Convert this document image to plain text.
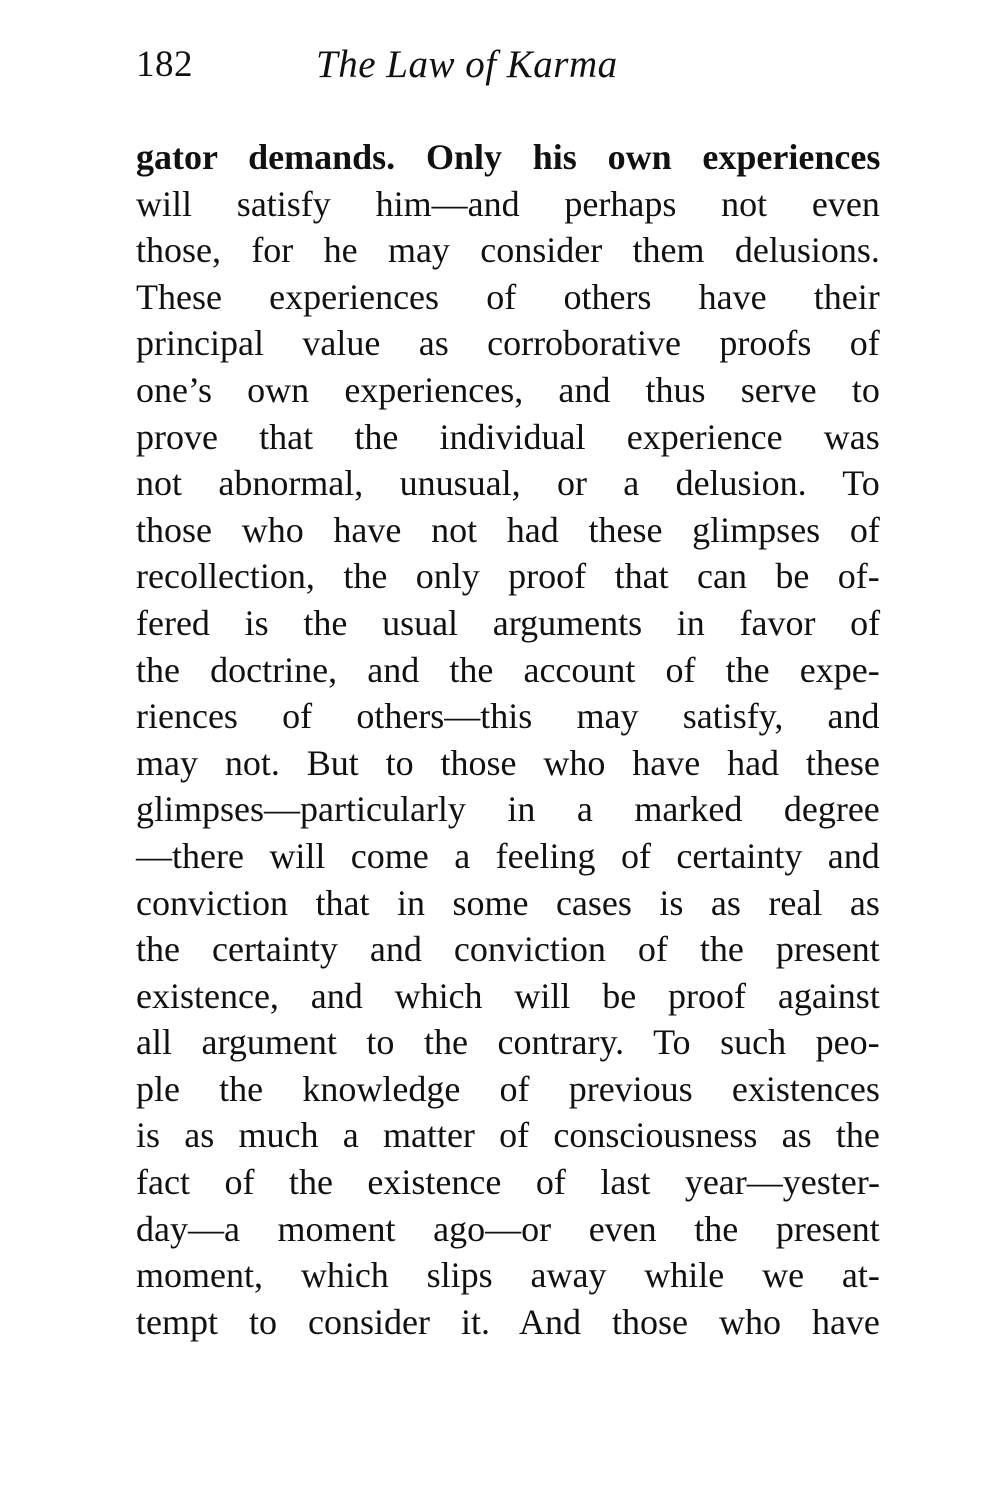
182	The Law of Karma
gator demands. Only his own experiences
will satisfy him—and perhaps not even
those, for he may consider them delusions.
These experiences of others have their
principal value as corroborative proofs of
one’s own experiences, and thus serve to
prove that the individual experience was
not abnormal, unusual, or a delusion. To
those who have not had these glimpses of
recollection, the only proof that can be of-
fered is the usual arguments in favor of
the doctrine, and the account of the expe-
riences of others—this may satisfy, and
may not. But to those who have had these
glimpses—particularly in a marked degree
—there will come a feeling of certainty and
conviction that in some cases is as real as
the certainty and conviction of the present
existence, and which will be proof against
all argument to the contrary. To such peo-
ple the knowledge of previous existences
is as much a matter of consciousness as the
fact of the existence of last year—yester-
day—a moment ago—or even the present
moment, which slips away while we at-
tempt to consider it. And those who have
